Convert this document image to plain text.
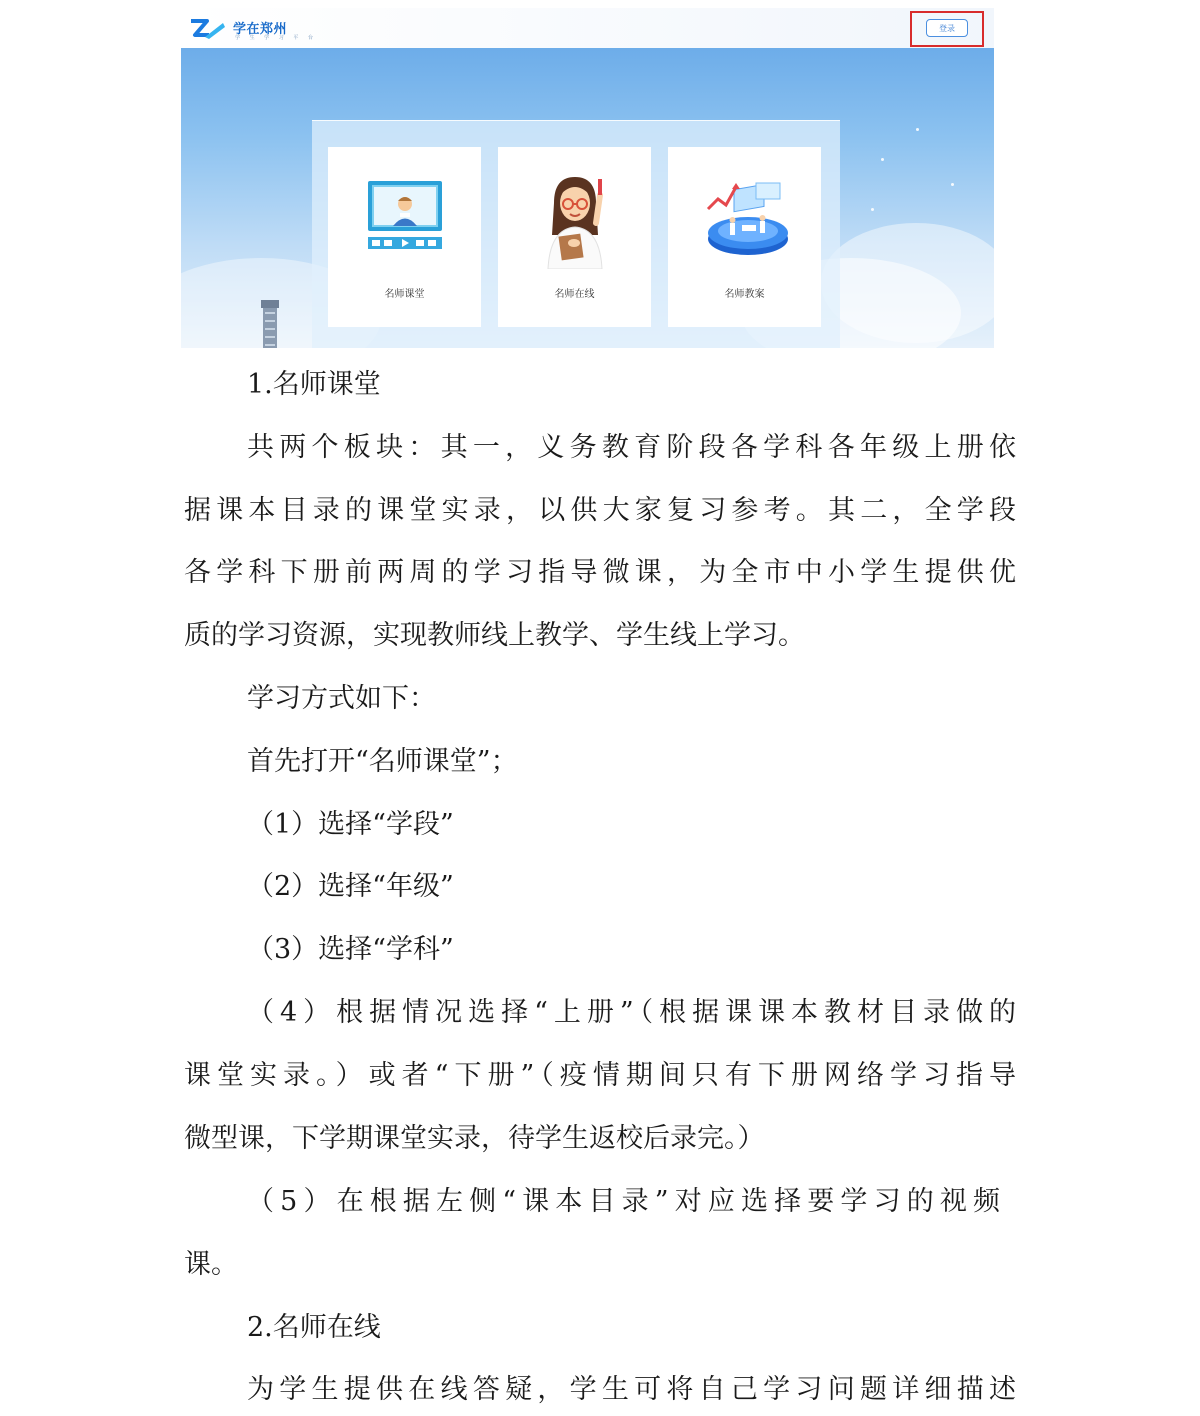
学在郑州

学 生 学 习 平 台
登录
名师课堂	名师在线	名师教案

1.名师课堂

共两个板块：其一，义务教育阶段各学科各年级上册依

据课本目录的课堂实录，以供大家复习参考。其二，全学段

各学科下册前两周的学习指导微课，为全市中小学生提供优

质的学习资源，实现教师线上教学、学生线上学习。

学习方式如下：

首先打开“名师课堂”；

（1）选择“学段”

（2）选择“年级”

（3）选择“学科”

（4）根据情况选择“上册”（根据课课本教材目录做的

课堂实录。）或者“下册”（疫情期间只有下册网络学习指导

微型课，下学期课堂实录，待学生返校后录完。）

（5）在根据左侧“课本目录”对应选择要学习的视频

课。

2.名师在线

为学生提供在线答疑，学生可将自己学习问题详细描述
